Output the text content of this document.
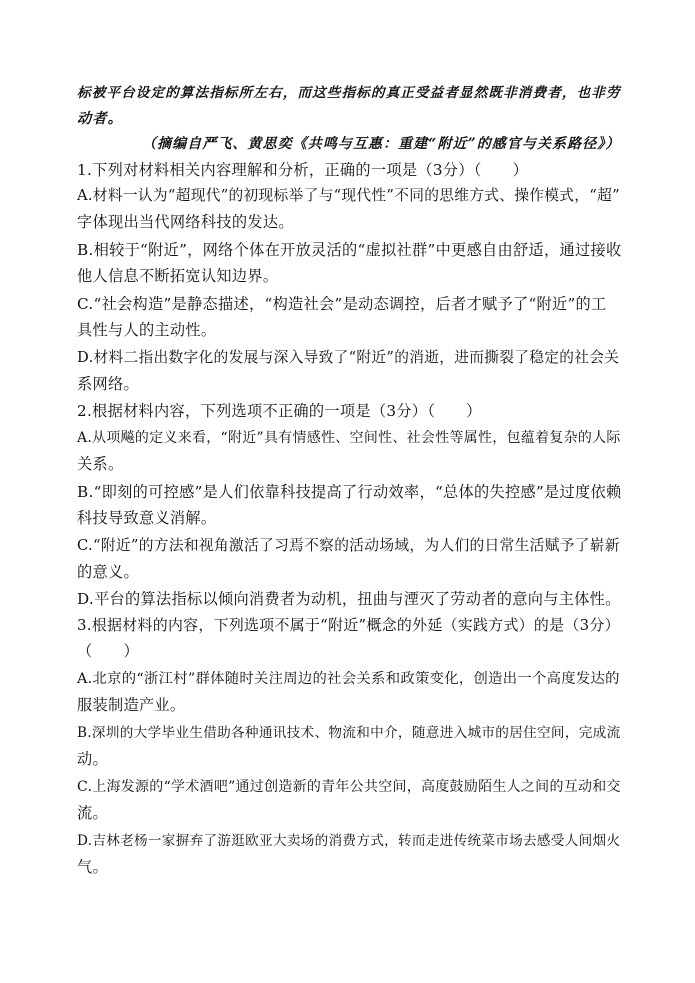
标被平台设定的算法指标所左右，而这些指标的真正受益者显然既非消费者，也非劳
动者。
（摘编自严飞、黄思奕《共鸣与互惠：重建“附近”的感官与关系路径》）
1.下列对材料相关内容理解和分析，正确的一项是（3分）（　　）
A.材料一认为“超现代”的初现标举了与“现代性”不同的思维方式、操作模式，“超”
字体现出当代网络科技的发达。
B.相较于“附近”，网络个体在开放灵活的“虚拟社群”中更感自由舒适，通过接收
他人信息不断拓宽认知边界。
C.“社会构造”是静态描述，“构造社会”是动态调控，后者才赋予了“附近”的工
具性与人的主动性。
D.材料二指出数字化的发展与深入导致了“附近”的消逝，进而撕裂了稳定的社会关
系网络。
2.根据材料内容，下列选项不正确的一项是（3分）（　　）
A.从项飚的定义来看，“附近”具有情感性、空间性、社会性等属性，包蕴着复杂的人际
关系。
B.“即刻的可控感”是人们依靠科技提高了行动效率，“总体的失控感”是过度依赖
科技导致意义消解。
C.“附近”的方法和视角激活了习焉不察的活动场域，为人们的日常生活赋予了崭新
的意义。
D.平台的算法指标以倾向消费者为动机，扭曲与湮灭了劳动者的意向与主体性。
3.根据材料的内容，下列选项不属于“附近”概念的外延（实践方式）的是（3分）
（　　）
A.北京的“浙江村”群体随时关注周边的社会关系和政策变化，创造出一个高度发达的
服装制造产业。
B.深圳的大学毕业生借助各种通讯技术、物流和中介，随意进入城市的居住空间，完成流
动。
C.上海发源的“学术酒吧”通过创造新的青年公共空间，高度鼓励陌生人之间的互动和交
流。
D.吉林老杨一家摒弃了游逛欧亚大卖场的消费方式，转而走进传统菜市场去感受人间烟火
气。
